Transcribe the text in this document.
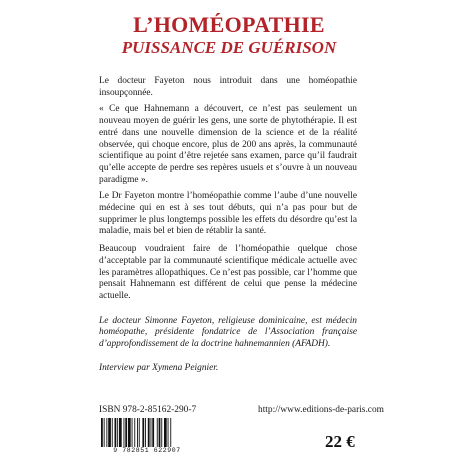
L’HOMÉOPATHIE
PUISSANCE DE GUÉRISON

Le docteur Fayeton nous introduit dans une homéopathie insoupçonnée.

« Ce que Hahnemann a découvert, ce n’est pas seulement un nouveau moyen de guérir les gens, une sorte de phytothérapie. Il est entré dans une nouvelle dimension de la science et de la réalité observée, qui choque encore, plus de 200 ans après, la communauté scientifique au point d’être rejetée sans examen, parce qu’il faudrait qu’elle accepte de perdre ses repères usuels et s’ouvre à un nouveau paradigme ».

Le Dr Fayeton montre l’homéopathie comme l’aube d’une nouvelle médecine qui en est à ses tout débuts, qui n’a pas pour but de supprimer le plus longtemps possible les effets du désordre qu’est la maladie, mais bel et bien de rétablir la santé.

Beaucoup voudraient faire de l’homéopathie quelque chose d’acceptable par la communauté scientifique médicale actuelle avec les paramètres allopathiques. Ce n’est pas possible, car l’homme que pensait Hahnemann est différent de celui que pense la médecine actuelle.

Le docteur Simonne Fayeton, religieuse dominicaine, est médecin homéopathe, présidente fondatrice de l’Association française d’approfondissement de la doctrine hahnemannien (AFADH).

Interview par Xymena Peignier.

ISBN 978-2-85162-290-7	http://www.editions-de-paris.com
9 782851 622907	22 €
